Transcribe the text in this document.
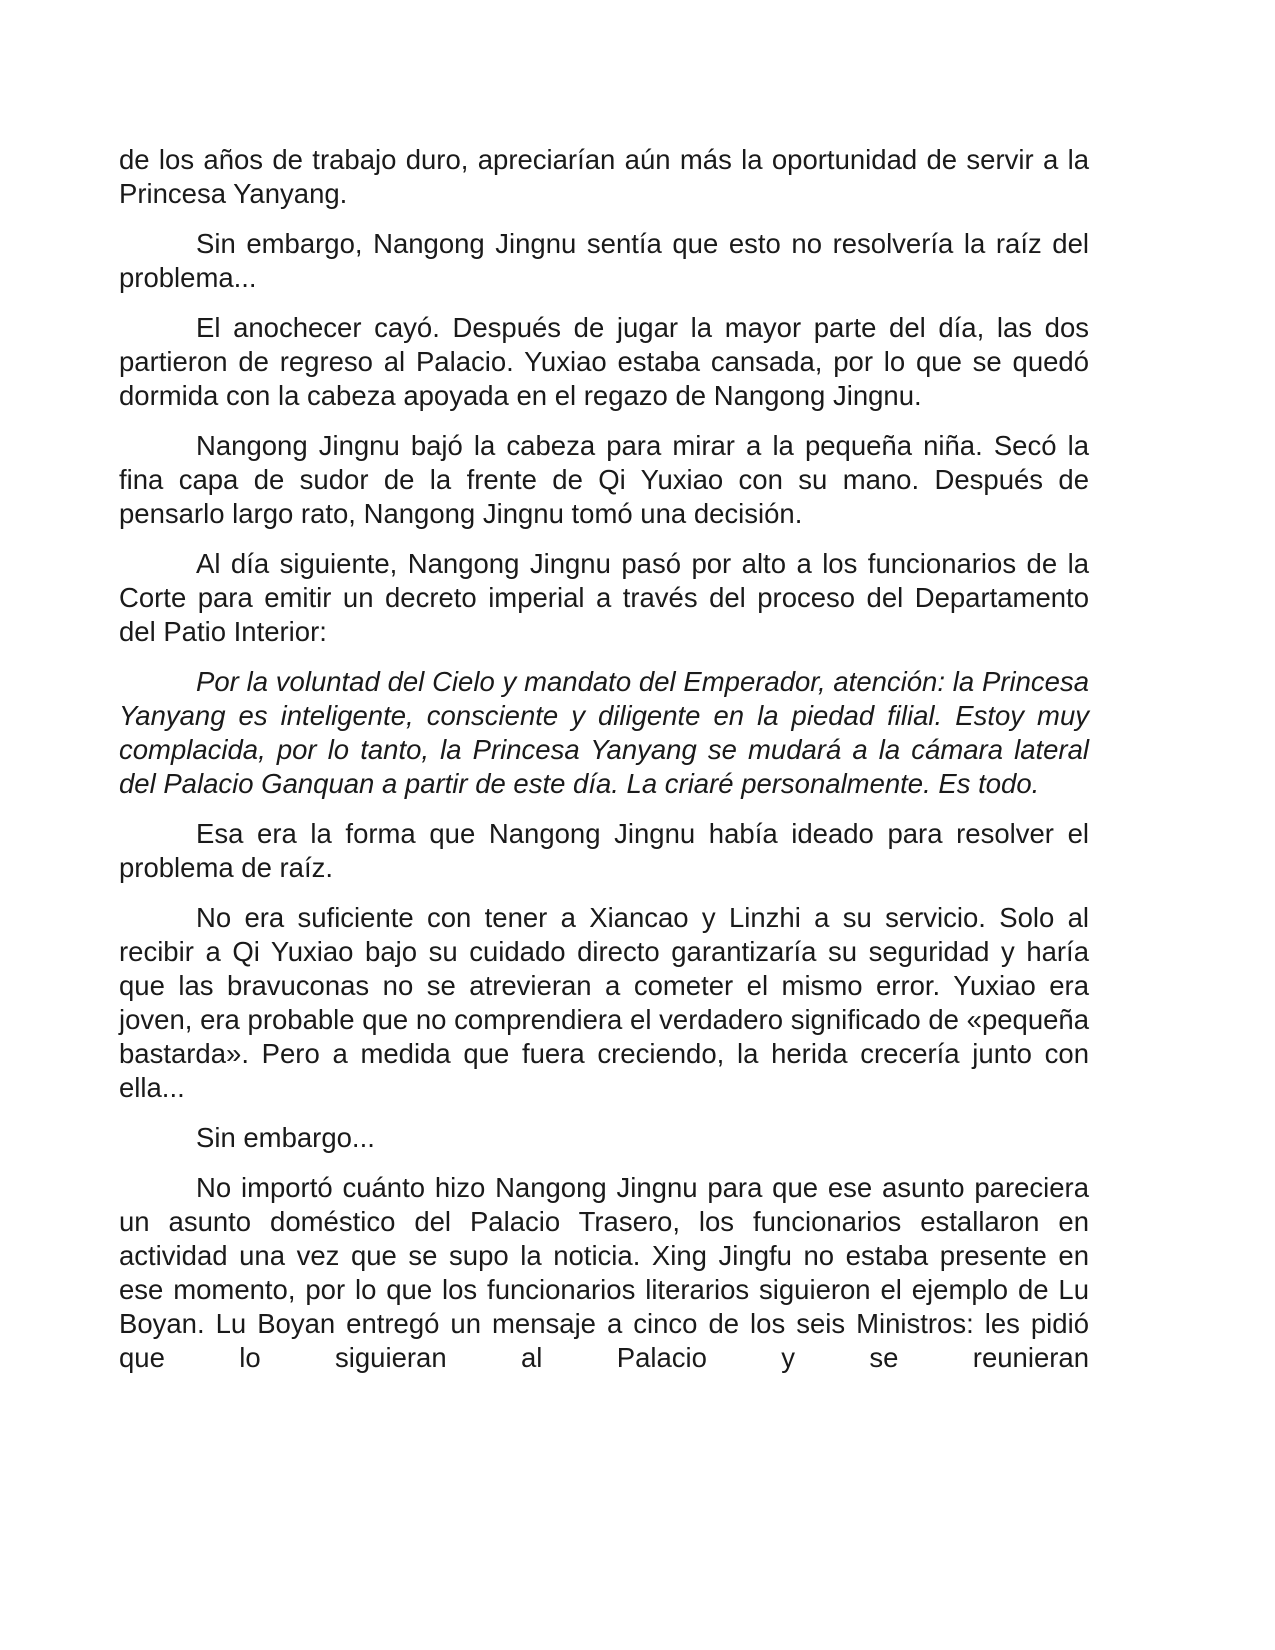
de los años de trabajo duro, apreciarían aún más la oportunidad de servir a la Princesa Yanyang.

Sin embargo, Nangong Jingnu sentía que esto no resolvería la raíz del problema...

El anochecer cayó. Después de jugar la mayor parte del día, las dos partieron de regreso al Palacio. Yuxiao estaba cansada, por lo que se quedó dormida con la cabeza apoyada en el regazo de Nangong Jingnu.

Nangong Jingnu bajó la cabeza para mirar a la pequeña niña. Secó la fina capa de sudor de la frente de Qi Yuxiao con su mano. Después de pensarlo largo rato, Nangong Jingnu tomó una decisión.

Al día siguiente, Nangong Jingnu pasó por alto a los funcionarios de la Corte para emitir un decreto imperial a través del proceso del Departamento del Patio Interior:

Por la voluntad del Cielo y mandato del Emperador, atención: la Princesa Yanyang es inteligente, consciente y diligente en la piedad filial. Estoy muy complacida, por lo tanto, la Princesa Yanyang se mudará a la cámara lateral del Palacio Ganquan a partir de este día. La criaré personalmente. Es todo.

Esa era la forma que Nangong Jingnu había ideado para resolver el problema de raíz.

No era suficiente con tener a Xiancao y Linzhi a su servicio. Solo al recibir a Qi Yuxiao bajo su cuidado directo garantizaría su seguridad y haría que las bravuconas no se atrevieran a cometer el mismo error. Yuxiao era joven, era probable que no comprendiera el verdadero significado de «pequeña bastarda». Pero a medida que fuera creciendo, la herida crecería junto con ella...

Sin embargo...

No importó cuánto hizo Nangong Jingnu para que ese asunto pareciera un asunto doméstico del Palacio Trasero, los funcionarios estallaron en actividad una vez que se supo la noticia. Xing Jingfu no estaba presente en ese momento, por lo que los funcionarios literarios siguieron el ejemplo de Lu Boyan. Lu Boyan entregó un mensaje a cinco de los seis Ministros: les pidió que lo siguieran al Palacio y se reunieran
